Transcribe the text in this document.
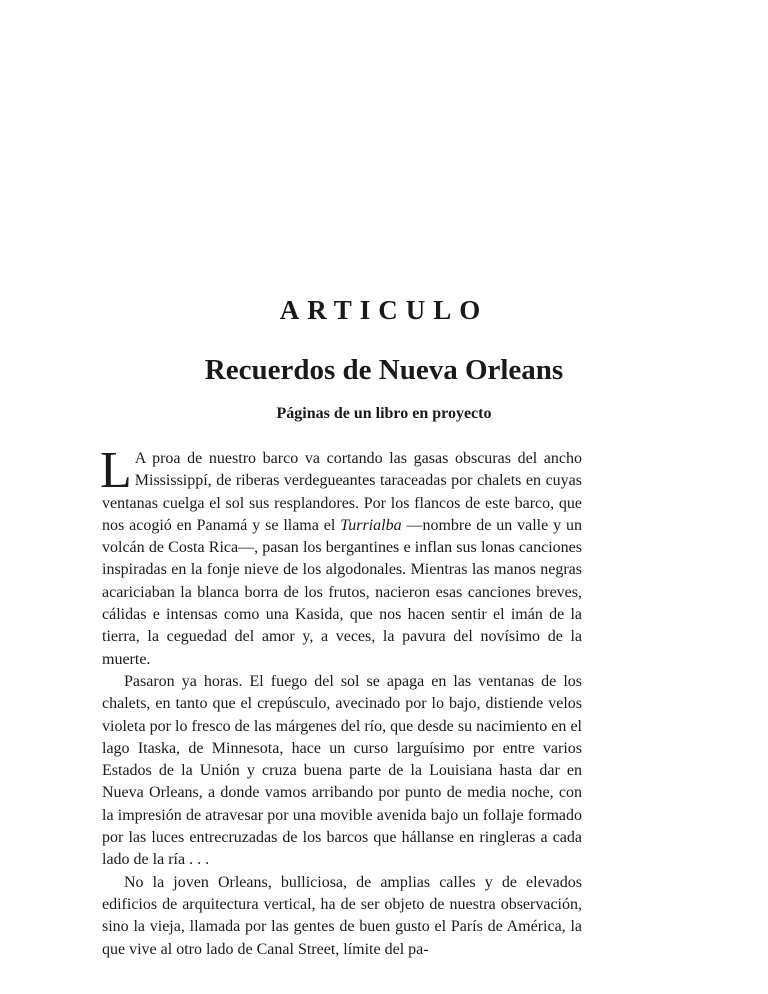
ARTICULO
Recuerdos de Nueva Orleans
Páginas de un libro en proyecto

L A proa de nuestro barco va cortando las gasas obscuras del ancho Mississippí, de riberas verdegueantes taraceadas por chalets en cuyas ventanas cuelga el sol sus resplandores. Por los flancos de este barco, que nos acogió en Panamá y se llama el Turrialba —nombre de un valle y un volcán de Costa Rica—, pasan los bergantines e inflan sus lonas canciones inspiradas en la fonje nieve de los algodonales. Mientras las manos negras acariciaban la blanca borra de los frutos, nacieron esas canciones breves, cálidas e intensas como una Kasida, que nos hacen sentir el imán de la tierra, la ceguedad del amor y, a veces, la pavura del novísimo de la muerte.

Pasaron ya horas. El fuego del sol se apaga en las ventanas de los chalets, en tanto que el crepúsculo, avecinado por lo bajo, distiende velos violeta por lo fresco de las márgenes del río, que desde su nacimiento en el lago Itaska, de Minnesota, hace un curso larguísimo por entre varios Estados de la Unión y cruza buena parte de la Louisiana hasta dar en Nueva Orleans, a donde vamos arribando por punto de media noche, con la impresión de atravesar por una movible avenida bajo un follaje formado por las luces entrecruzadas de los barcos que hállanse en ringleras a cada lado de la ría . . .

No la joven Orleans, bulliciosa, de amplias calles y de elevados edificios de arquitectura vertical, ha de ser objeto de nuestra observación, sino la vieja, llamada por las gentes de buen gusto el París de América, la que vive al otro lado de Canal Street, límite del pa-
